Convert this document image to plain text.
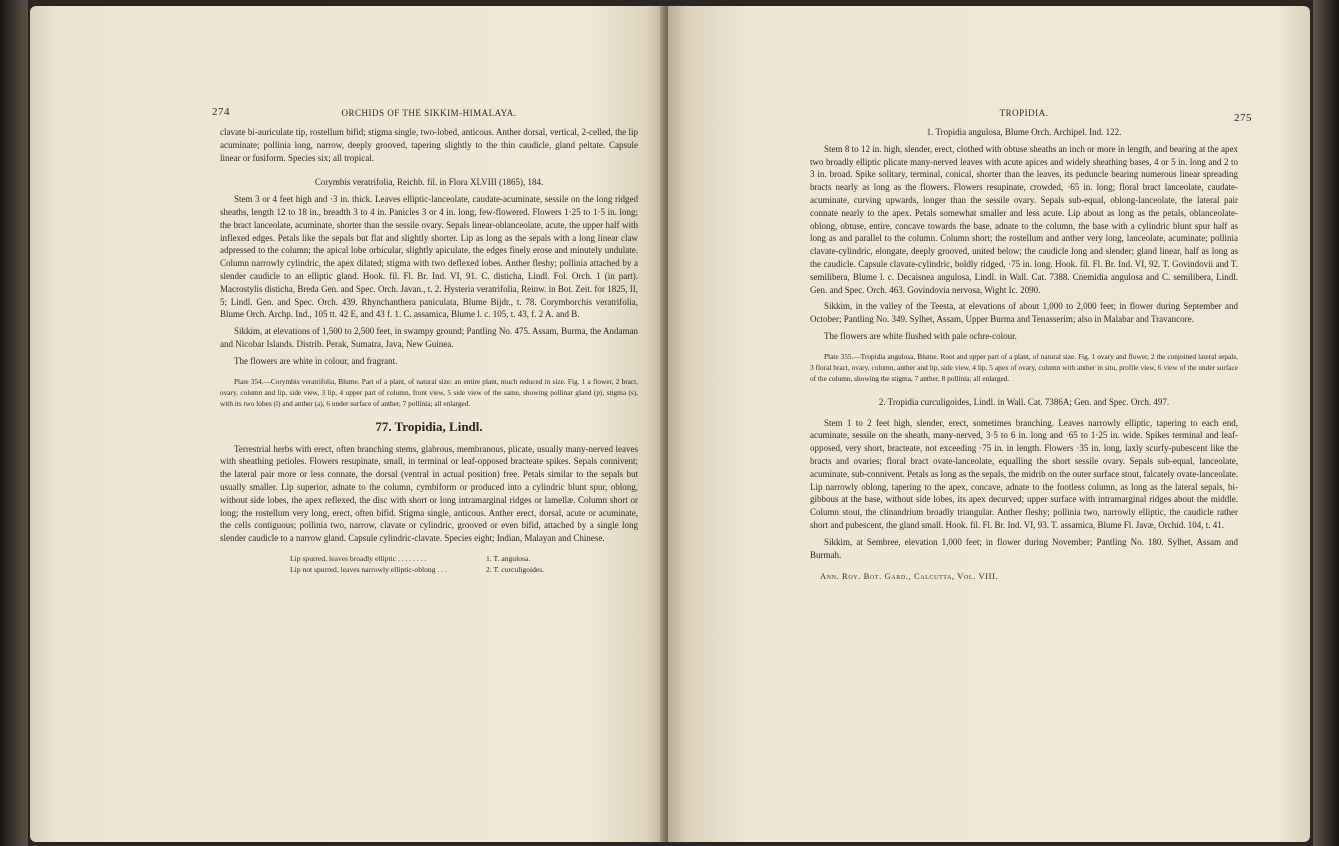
274	ORCHIDS OF THE SIKKIM-HIMALAYA.

clavate bi-auriculate tip, rostellum bifid; stigma single, two-lobed, anticous. Anther dorsal, vertical, 2-celled, the lip acuminate; pollinia long, narrow, deeply grooved, tapering slightly to the thin caudicle, gland peltate. Capsule linear or fusiform. Species six; all tropical.

Corymbis veratrifolia, Reichb. fil. in Flora XLVIII (1865), 184.

Stem 3 or 4 feet high and ·3 in. thick. Leaves elliptic-lanceolate, caudate-acuminate, sessile on the long ridged sheaths, length 12 to 18 in., breadth 3 to 4 in. Panicles 3 or 4 in. long, few-flowered. Flowers 1·25 to 1·5 in. long; the bract lanceolate, acuminate, shorter than the sessile ovary. Sepals linear-oblanceolate, acute, the upper half with inflexed edges. Petals like the sepals but flat and slightly shorter. Lip as long as the sepals with a long linear claw adpressed to the column; the apical lobe orbicular, slightly apiculate, the edges finely erose and minutely undulate. Column narrowly cylindric, the apex dilated; stigma with two deflexed lobes. Anther fleshy; pollinia attached by a slender caudicle to an elliptic gland. Hook. fil. Fl. Br. Ind. VI, 91. C. disticha, Lindl. Fol. Orch. 1 (in part). Macrostylis disticha, Breda Gen. and Spec. Orch. Javan., t. 2. Hysteria veratrifolia, Reinw. in Bot. Zeit. for 1825, II, 5; Lindl. Gen. and Spec. Orch. 439. Rhynchanthera paniculata, Blume Bijdr., t. 78. Corymborchis veratrifolia, Blume Orch. Archp. Ind., 105 tt. 42 E, and 43 f. 1. C. assamica, Blume l. c. 105, t. 43, f. 2 A. and B.

Sikkim, at elevations of 1,500 to 2,500 feet, in swampy ground; Pantling No. 475. Assam, Burma, the Andaman and Nicobar Islands. Distrib. Perak, Sumatra, Java, New Guinea.

The flowers are white in colour, and fragrant.

Plate 354.—Corymbis veratrifolia, Blume. Part of a plant, of natural size: an entire plant, much reduced in size. Fig. 1 a flower, 2 bract, ovary, column and lip, side view, 3 lip, 4 upper part of column, front view, 5 side view of the same, showing pollinar gland (p), stigma (s), with its two lobes (l) and anther (a), 6 under surface of anther, 7 pollinia; all enlarged.
77. Tropidia, Lindl.

Terrestrial herbs with erect, often branching stems, glabrous, membranous, plicate, usually many-nerved leaves with sheathing petioles. Flowers resupinate, small, in terminal or leaf-opposed bracteate spikes. Sepals connivent; the lateral pair more or less connate, the dorsal (ventral in actual position) free. Petals similar to the sepals but usually smaller. Lip superior, adnate to the column, cymbiform or produced into a cylindric blunt spur, oblong, without side lobes, the apex reflexed, the disc with short or long intramarginal ridges or lamellæ. Column short or long; the rostellum very long, erect, often bifid. Stigma single, anticous. Anther erect, dorsal, acute or acuminate, the cells contiguous; pollinia two, narrow, clavate or cylindric, grooved or even bifid, attached by a single long slender caudicle to a narrow gland. Capsule cylindric-clavate. Species eight; Indian, Malayan and Chinese.

Lip spurred, leaves broadly elliptic . . . . . . . .	1. T. angulosa.
Lip not spurred, leaves narrowly elliptic-oblong . . .	2. T. curculigoides.
TROPIDIA.	275
1. Tropidia angulosa, Blume Orch. Archipel. Ind. 122.

Stem 8 to 12 in. high, slender, erect, clothed with obtuse sheaths an inch or more in length, and bearing at the apex two broadly elliptic plicate many-nerved leaves with acute apices and widely sheathing bases, 4 or 5 in. long and 2 to 3 in. broad. Spike solitary, terminal, conical, shorter than the leaves, its peduncle bearing numerous linear spreading bracts nearly as long as the flowers. Flowers resupinate, crowded, ·65 in. long; floral bract lanceolate, caudate-acuminate, curving upwards, longer than the sessile ovary. Sepals sub-equal, oblong-lanceolate, the lateral pair connate nearly to the apex. Petals somewhat smaller and less acute. Lip about as long as the petals, oblanceolate-oblong, obtuse, entire, concave towards the base, adnate to the column, the base with a cylindric blunt spur half as long as and parallel to the column. Column short; the rostellum and anther very long, lanceolate, acuminate; pollinia clavate-cylindric, elongate, deeply grooved, united below; the caudicle long and slender; gland linear, half as long as the caudicle. Capsule clavate-cylindric, boldly ridged, ·75 in. long. Hook. fil. Fl. Br. Ind. VI, 92. T. Govindovii and T. semilibera, Blume l. c. Decaisnea angulosa, Lindl. in Wall. Cat. 7388. Cnemidia angulosa and C. semilibera, Lindl. Gen. and Spec. Orch. 463. Govindovia nervosa, Wight Ic. 2090.

Sikkim, in the valley of the Teesta, at elevations of about 1,000 to 2,000 feet; in flower during September and October; Pantling No. 349. Sylhet, Assam, Upper Burma and Tenasserim; also in Malabar and Travancore.

The flowers are white flushed with pale ochre-colour.

Plate 355.—Tropidia angulosa, Blume. Root and upper part of a plant, of natural size. Fig. 1 ovary and flower, 2 the conjoined lateral sepals, 3 floral bract, ovary, column, anther and lip, side view, 4 lip, 5 apex of ovary, column with anther in situ, profile view, 6 view of the under surface of the column, showing the stigma, 7 anther, 8 pollinia; all enlarged.
2. Tropidia curculigoides, Lindl. in Wall. Cat. 7386A; Gen. and Spec. Orch. 497.

Stem 1 to 2 feet high, slender, erect, sometimes branching. Leaves narrowly elliptic, tapering to each end, acuminate, sessile on the sheath, many-nerved, 3·5 to 6 in. long and ·65 to 1·25 in. wide. Spikes terminal and leaf-opposed, very short, bracteate, not exceeding ·75 in. in length. Flowers ·35 in. long, laxly scurfy-pubescent like the bracts and ovaries; floral bract ovate-lanceolate, equalling the short sessile ovary. Sepals sub-equal, lanceolate, acuminate, sub-connivent. Petals as long as the sepals, the midrib on the outer surface stout, falcately ovate-lanceolate. Lip narrowly oblong, tapering to the apex, concave, adnate to the footless column, as long as the lateral sepals, bi-gibbous at the base, without side lobes, its apex decurved; upper surface with intramarginal ridges about the middle. Column stout, the clinandrium broadly triangular. Anther fleshy; pollinia two, narrowly elliptic, the caudicle rather short and pubescent, the gland small. Hook. fil. Fl. Br. Ind. VI, 93. T. assamica, Blume Fl. Javæ, Orchid. 104, t. 41.

Sikkim, at Sembree, elevation 1,000 feet; in flower during November; Pantling No. 180. Sylhet, Assam and Burmah.

Ann. Roy. Bot. Gard., Calcutta, Vol. VIII.
